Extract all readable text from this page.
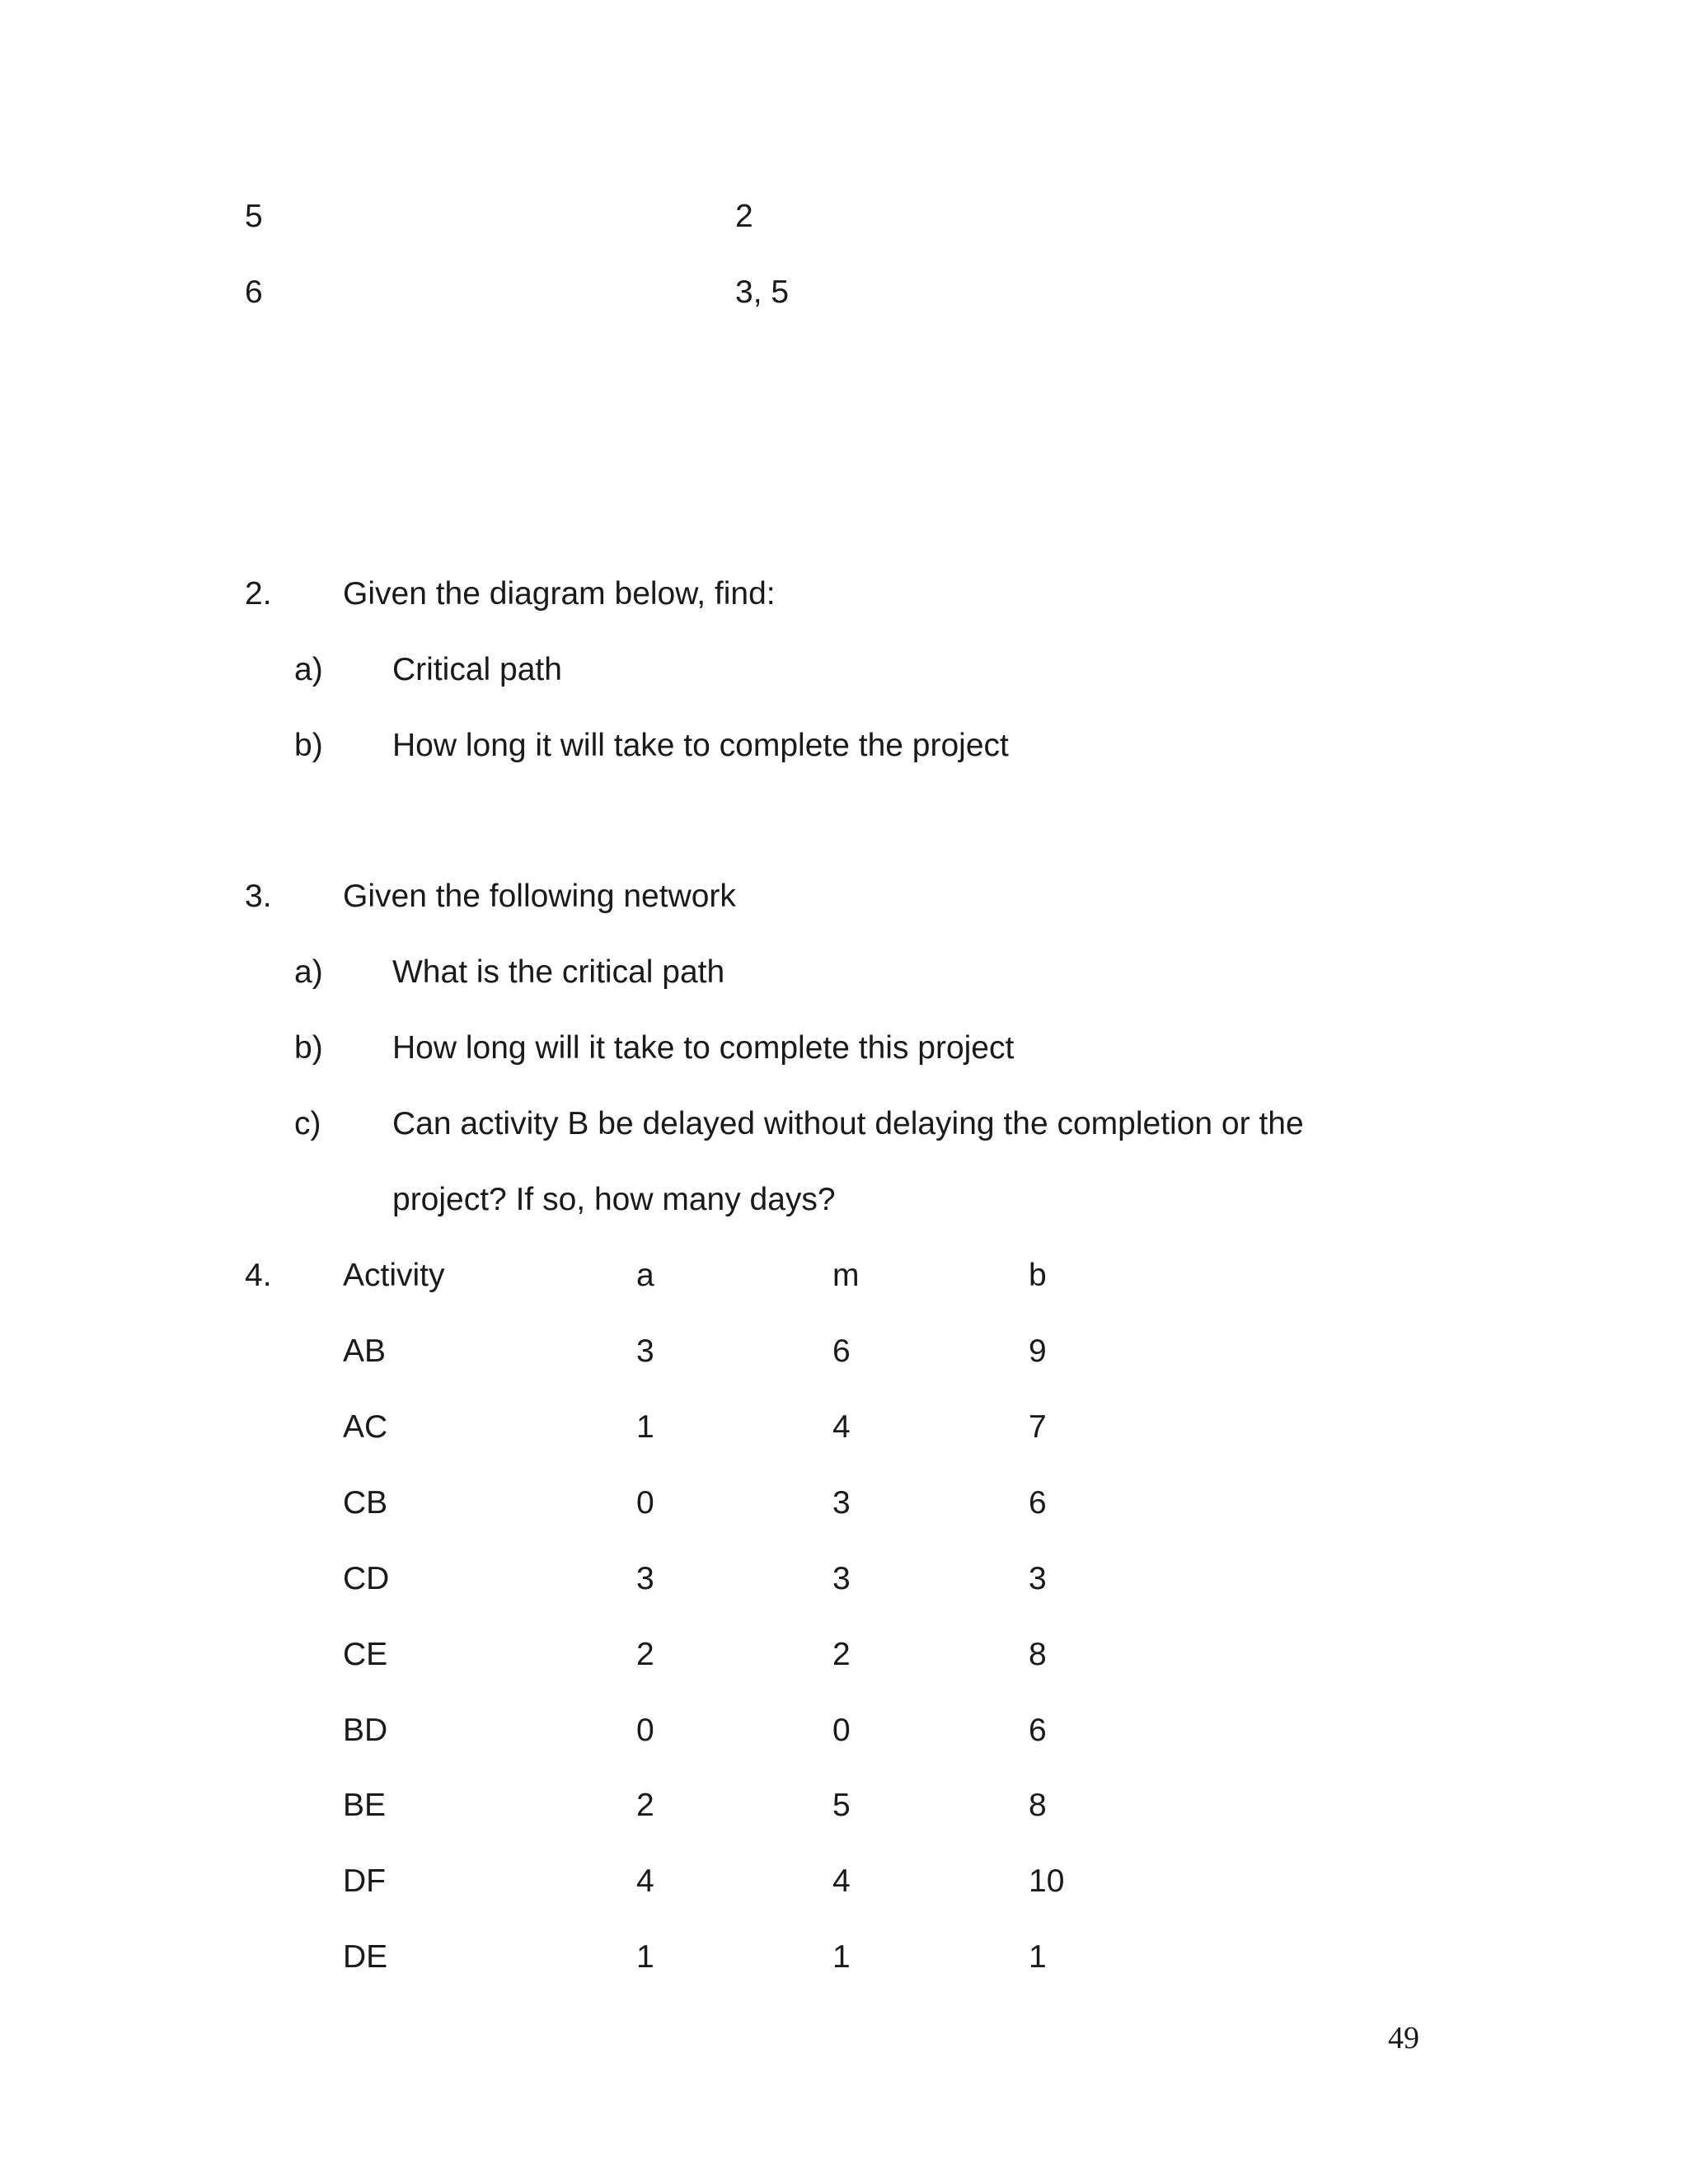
5	2
6	3, 5
2. Given the diagram below, find:
a) Critical path
b) How long it will take to complete the project
3. Given the following network
a) What is the critical path
b) How long will it take to complete this project
c) Can activity B be delayed without delaying the completion or the
project? If so, how many days?
4. Activity	a	m	b
AB	3	6	9
AC	1	4	7
CB	0	3	6
CD	3	3	3
CE	2	2	8
BD	0	0	6
BE	2	5	8
DF	4	4	10
DE	1	1	1
49
